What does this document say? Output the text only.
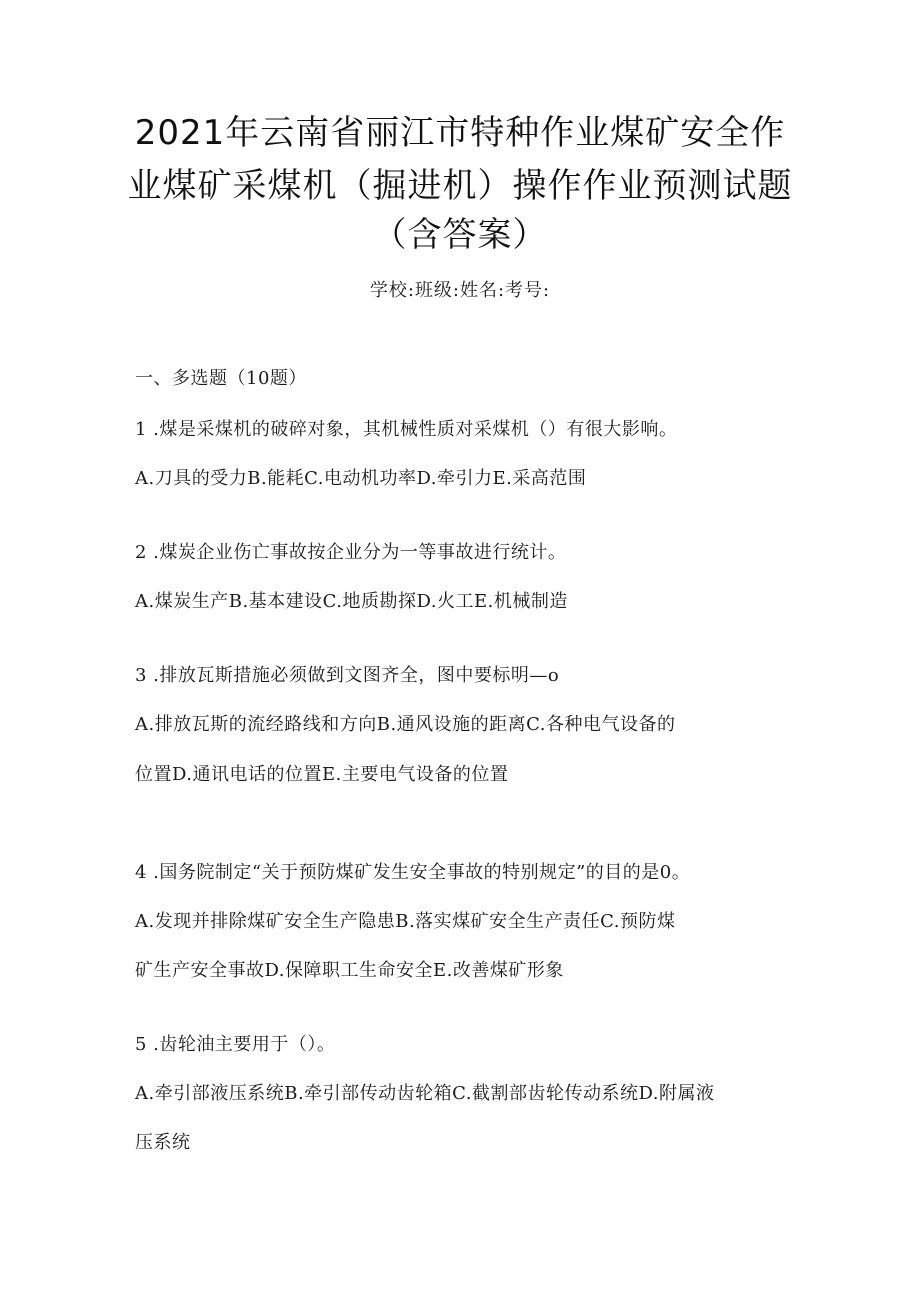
2021年云南省丽江市特种作业煤矿安全作
业煤矿采煤机（掘进机）操作作业预测试题
（含答案）
学校:班级:姓名:考号:
一、多选题（10题）
1 .煤是采煤机的破碎对象，其机械性质对采煤机（）有很大影响。
A.刀具的受力B.能耗C.电动机功率D.牵引力E.采高范围
2 .煤炭企业伤亡事故按企业分为一等事故进行统计。
A.煤炭生产B.基本建设C.地质勘探D.火工E.机械制造
3 .排放瓦斯措施必须做到文图齐全，图中要标明—o
A.排放瓦斯的流经路线和方向B.通风设施的距离C.各种电气设备的
位置D.通讯电话的位置E.主要电气设备的位置
4 .国务院制定“关于预防煤矿发生安全事故的特别规定”的目的是0。
A.发现并排除煤矿安全生产隐患B.落实煤矿安全生产责任C.预防煤
矿生产安全事故D.保障职工生命安全E.改善煤矿形象
5 .齿轮油主要用于（）。
A.牵引部液压系统B.牵引部传动齿轮箱C.截割部齿轮传动系统D.附属液
压系统
